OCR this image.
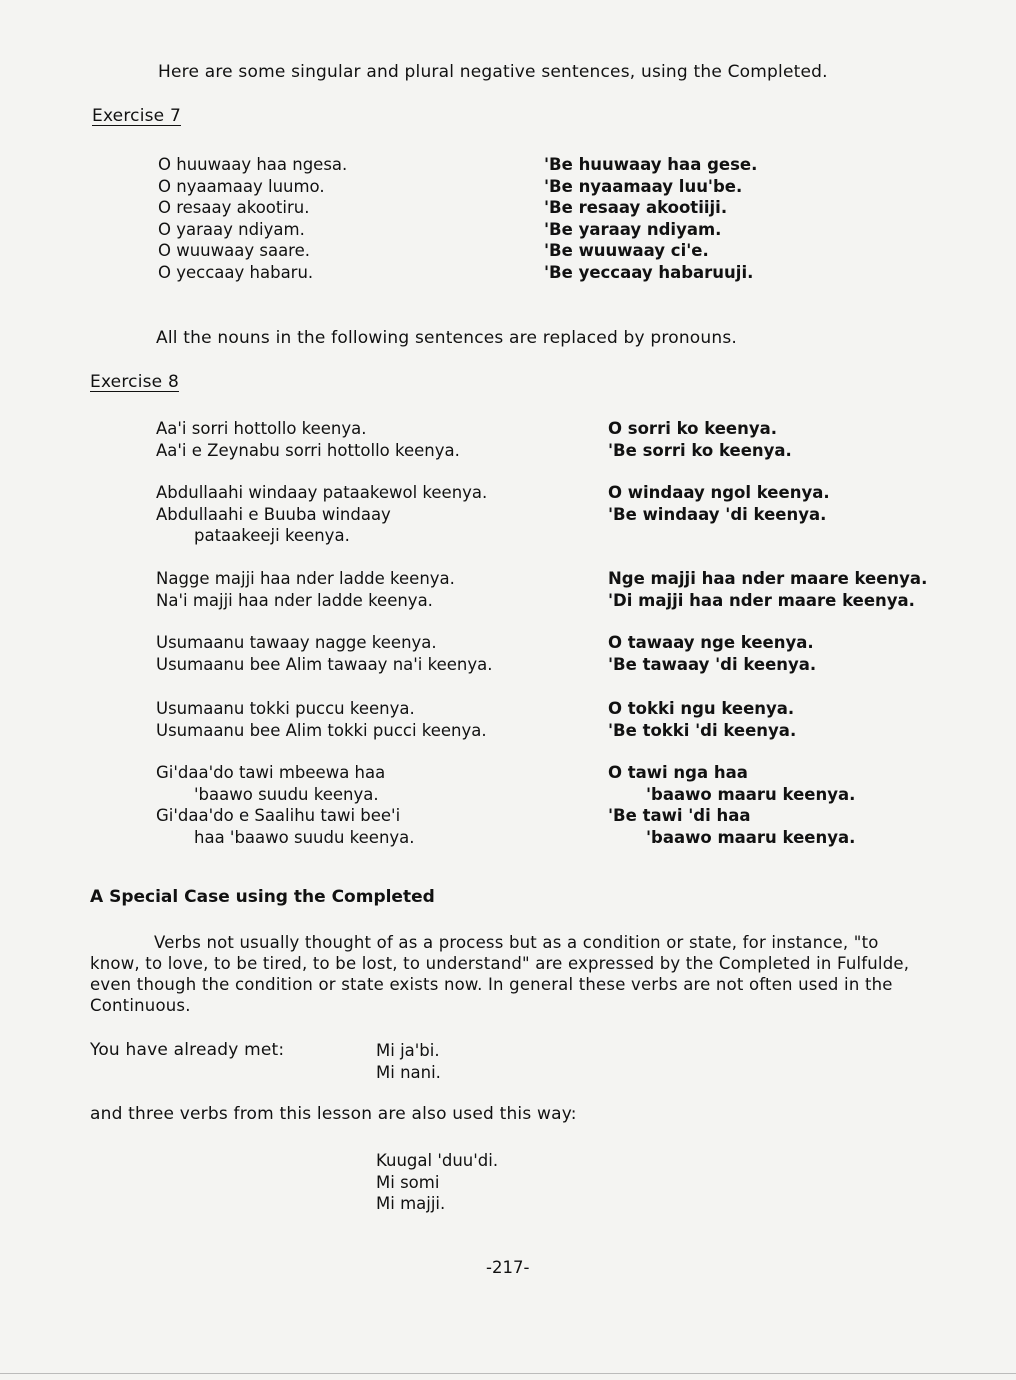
Here are some singular and plural negative sentences, using the Completed.
Exercise 7
O huuwaay haa ngesa.
O nyaamaay luumo.
O resaay akootiru.
O yaraay ndiyam.
O wuuwaay saare.
O yeccaay habaru.
'Be huuwaay haa gese.
'Be nyaamaay luu'be.
'Be resaay akootiiji.
'Be yaraay ndiyam.
'Be wuuwaay ci'e.
'Be yeccaay habaruuji.
All the nouns in the following sentences are replaced by pronouns.
Exercise 8
Aa'i sorri hottollo keenya.
Aa'i e Zeynabu sorri hottollo keenya.
Abdullaahi windaay pataakewol keenya.
Abdullaahi e Buuba windaay
pataakeeji keenya.
Nagge majji haa nder ladde keenya.
Na'i majji haa nder ladde keenya.
Usumaanu tawaay nagge keenya.
Usumaanu bee Alim tawaay na'i keenya.
Usumaanu tokki puccu keenya.
Usumaanu bee Alim tokki pucci keenya.
Gi'daa'do tawi mbeewa haa
'baawo suudu keenya.
Gi'daa'do e Saalihu tawi bee'i
haa 'baawo suudu keenya.
O sorri ko keenya.
'Be sorri ko keenya.
O windaay ngol keenya.
'Be windaay 'di keenya.
Nge majji haa nder maare keenya.
'Di majji haa nder maare keenya.
O tawaay nge keenya.
'Be tawaay 'di keenya.
O tokki ngu keenya.
'Be tokki 'di keenya.
O tawi nga haa
'baawo maaru keenya.
'Be tawi 'di haa
'baawo maaru keenya.
A Special Case using the Completed
Verbs not usually thought of as a process but as a condition or state, for instance, "to know, to love, to be tired, to be lost, to understand" are expressed by the Completed in Fulfulde, even though the condition or state exists now. In general these verbs are not often used in the Continuous.
You have already met:	Mi ja'bi.
Mi nani.
and three verbs from this lesson are also used this way:
Kuugal 'duu'di.
Mi somi
Mi majji.
-217-
